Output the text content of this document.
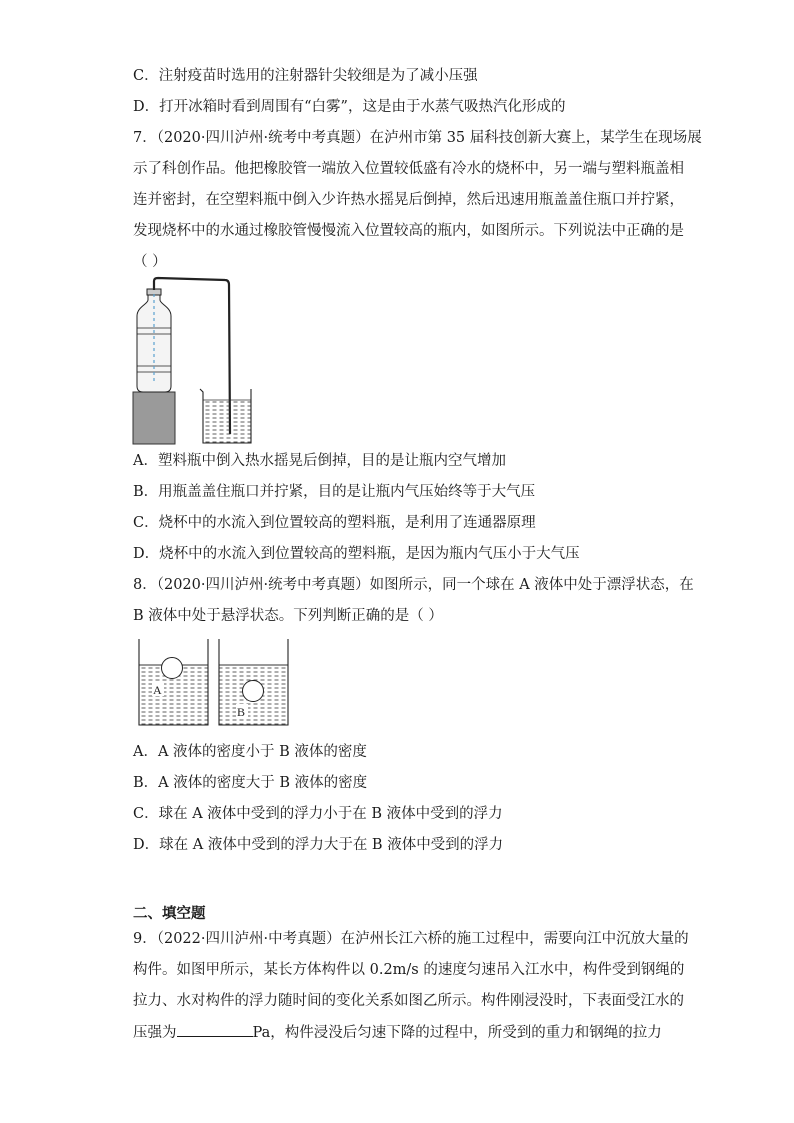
C．注射疫苗时选用的注射器针尖较细是为了减小压强
D．打开冰箱时看到周围有“白雾”，这是由于水蒸气吸热汽化形成的
7．（2020·四川泸州·统考中考真题）在泸州市第 35 届科技创新大赛上，某学生在现场展
示了科创作品。他把橡胶管一端放入位置较低盛有冷水的烧杯中，另一端与塑料瓶盖相
连并密封，在空塑料瓶中倒入少许热水摇晃后倒掉，然后迅速用瓶盖盖住瓶口并拧紧，
发现烧杯中的水通过橡胶管慢慢流入位置较高的瓶内，如图所示。下列说法中正确的是
（ ）
A．塑料瓶中倒入热水摇晃后倒掉，目的是让瓶内空气增加
B．用瓶盖盖住瓶口并拧紧，目的是让瓶内气压始终等于大气压
C．烧杯中的水流入到位置较高的塑料瓶，是利用了连通器原理
D．烧杯中的水流入到位置较高的塑料瓶，是因为瓶内气压小于大气压
8．（2020·四川泸州·统考中考真题）如图所示，同一个球在 A 液体中处于漂浮状态，在
B 液体中处于悬浮状态。下列判断正确的是（ ）
A
B
A．A 液体的密度小于 B 液体的密度
B．A 液体的密度大于 B 液体的密度
C．球在 A 液体中受到的浮力小于在 B 液体中受到的浮力
D．球在 A 液体中受到的浮力大于在 B 液体中受到的浮力
二、填空题
9．（2022·四川泸州·中考真题）在泸州长江六桥的施工过程中，需要向江中沉放大量的
构件。如图甲所示，某长方体构件以 0.2m/s 的速度匀速吊入江水中，构件受到钢绳的
拉力、水对构件的浮力随时间的变化关系如图乙所示。构件刚浸没时，下表面受江水的
压强为	Pa，构件浸没后匀速下降的过程中，所受到的重力和钢绳的拉力
